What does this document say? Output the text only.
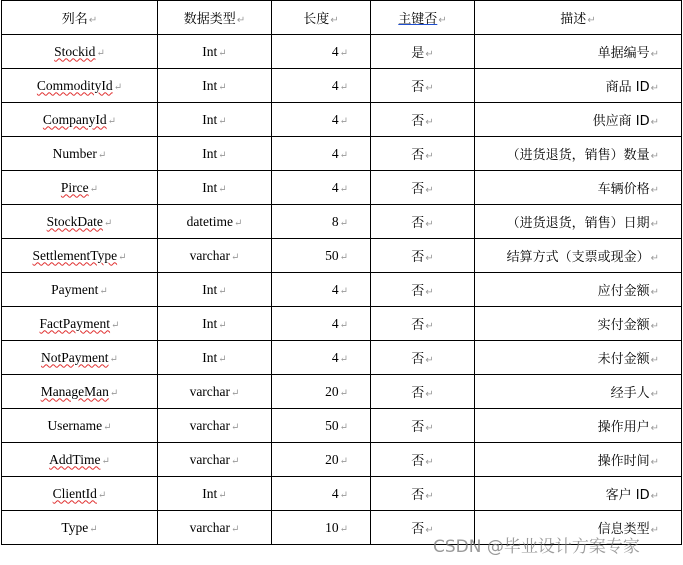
列名↵	数据类型↵	长度↵	主键否↵	描述↵
Stockid↵	Int↵	4↵	是↵	单据编号↵
CommodityId↵	Int↵	4↵	否↵	商品 ID↵
CompanyId↵	Int↵	4↵	否↵	供应商 ID↵
Number↵	Int↵	4↵	否↵	（进货退货，销售）数量↵
Pirce↵	Int↵	4↵	否↵	车辆价格↵
StockDate↵	datetime↵	8↵	否↵	（进货退货，销售）日期↵
SettlementType↵	varchar↵	50↵	否↵	结算方式（支票或现金）↵
Payment↵	Int↵	4↵	否↵	应付金额↵
FactPayment↵	Int↵	4↵	否↵	实付金额↵
NotPayment↵	Int↵	4↵	否↵	未付金额↵
ManageMan↵	varchar↵	20↵	否↵	经手人↵
Username↵	varchar↵	50↵	否↵	操作用户↵
AddTime↵	varchar↵	20↵	否↵	操作时间↵
ClientId↵	Int↵	4↵	否↵	客户 ID↵
Type↵	varchar↵	10↵	否↵	信息类型↵
CSDN @毕业设计方案专家
